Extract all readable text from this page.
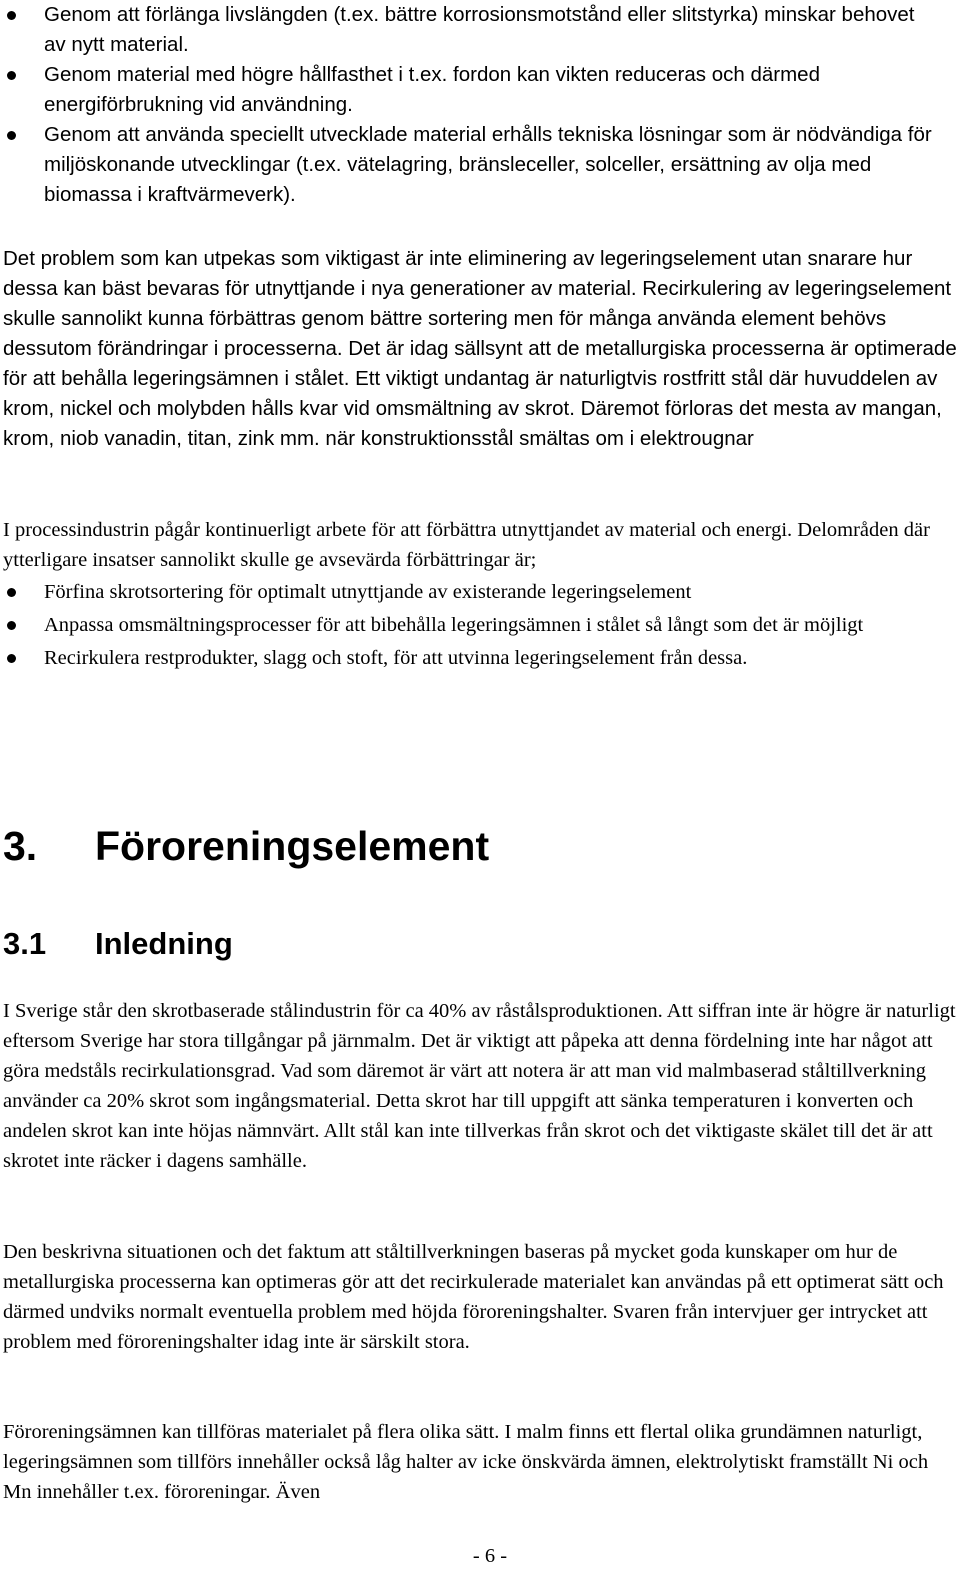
Genom att förlänga livslängden (t.ex. bättre korrosionsmotstånd eller slitstyrka) minskar behovet av nytt material.
Genom material med högre hållfasthet i t.ex. fordon kan vikten reduceras och därmed energiförbrukning vid användning.
Genom att använda speciellt utvecklade material erhålls tekniska lösningar som är nödvändiga för miljöskonande utvecklingar (t.ex. vätelagring, bränsleceller, solceller, ersättning av olja med biomassa i kraftvärmeverk).

Det problem som kan utpekas som viktigast är inte eliminering av legeringselement utan snarare hur dessa kan bäst bevaras för utnyttjande i nya generationer av material. Recirkulering av legeringselement skulle sannolikt kunna förbättras genom bättre sortering men för många använda element behövs dessutom förändringar i processerna. Det är idag sällsynt att de metallurgiska processerna är optimerade för att behålla legeringsämnen i stålet. Ett viktigt undantag är naturligtvis rostfritt stål där huvuddelen av krom, nickel och molybden hålls kvar vid omsmältning av skrot. Däremot förloras det mesta av mangan, krom, niob vanadin, titan, zink mm. när konstruktionsstål smältas om i elektrougnar

I processindustrin pågår kontinuerligt arbete för att förbättra utnyttjandet av material och energi. Delområden där ytterligare insatser sannolikt skulle ge avsevärda förbättringar är;

Förfina skrotsortering för optimalt utnyttjande av existerande legeringselement
Anpassa omsmältningsprocesser för att bibehålla legeringsämnen i stålet så långt som det är möjligt
Recirkulera restprodukter, slagg och stoft, för att utvinna legeringselement från dessa.
3. Föroreningselement
3.1 Inledning

I Sverige står den skrotbaserade stålindustrin för ca 40% av råstålsproduktionen. Att siffran inte är högre är naturligt eftersom Sverige har stora tillgångar på järnmalm. Det är viktigt att påpeka att denna fördelning inte har något att göra medståls recirkulationsgrad. Vad som däremot är värt att notera är att man vid malmbaserad ståltillverkning använder ca 20% skrot som ingångsmaterial. Detta skrot har till uppgift att sänka temperaturen i konverten och andelen skrot kan inte höjas nämnvärt. Allt stål kan inte tillverkas från skrot och det viktigaste skälet till det är att skrotet inte räcker i dagens samhälle.

Den beskrivna situationen och det faktum att ståltillverkningen baseras på mycket goda kunskaper om hur de metallurgiska processerna kan optimeras gör att det recirkulerade materialet kan användas på ett optimerat sätt och därmed undviks normalt eventuella problem med höjda föroreningshalter. Svaren från intervjuer ger intrycket att problem med föroreningshalter idag inte är särskilt stora.

Föroreningsämnen kan tillföras materialet på flera olika sätt. I malm finns ett flertal olika grundämnen naturligt, legeringsämnen som tillförs innehåller också låg halter av icke önskvärda ämnen, elektrolytiskt framställt Ni och Mn innehåller t.ex. föroreningar. Även

- 6 -
